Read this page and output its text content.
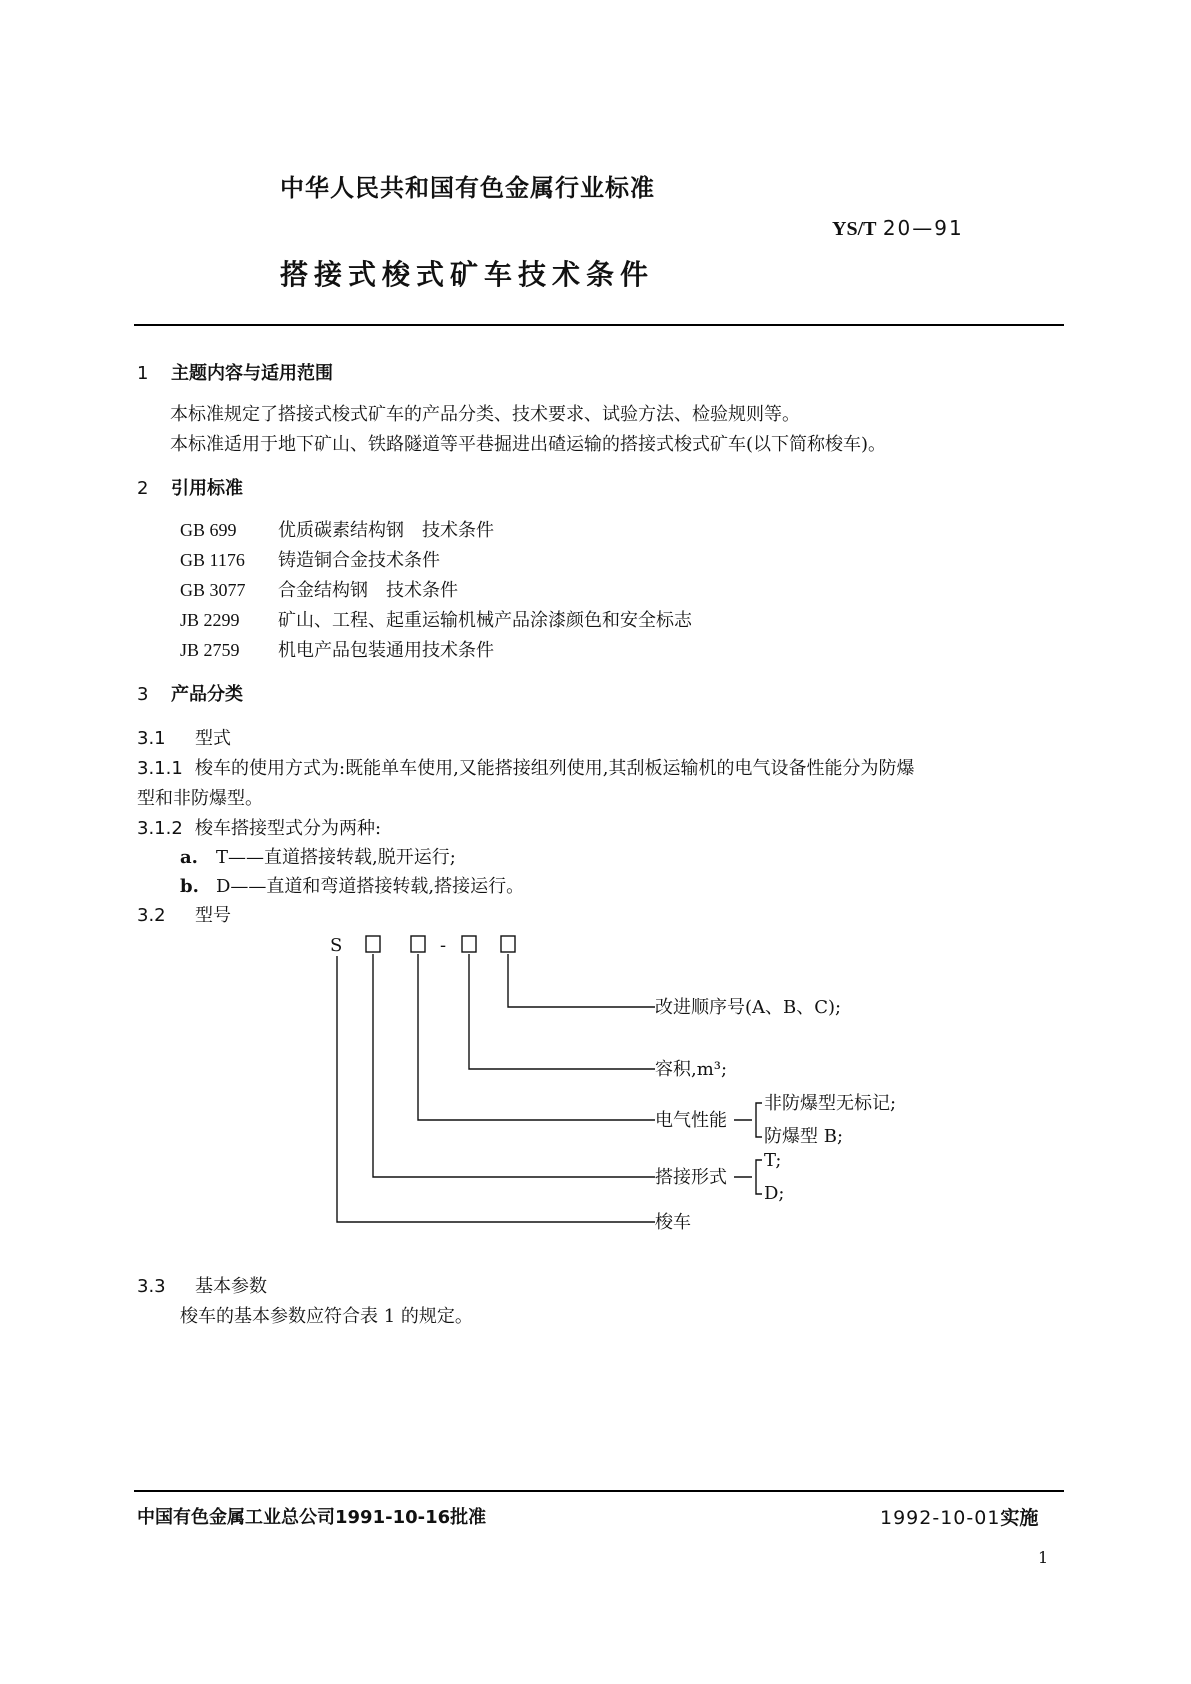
中华人民共和国有色金属行业标准
YS/T 20—91
搭接式梭式矿车技术条件
1 主题内容与适用范围
本标准规定了搭接式梭式矿车的产品分类、技术要求、试验方法、检验规则等。
本标准适用于地下矿山、铁路隧道等平巷掘进出碴运输的搭接式梭式矿车(以下简称梭车)。
2 引用标准
GB 699 优质碳素结构钢　技术条件
GB 1176 铸造铜合金技术条件
GB 3077 合金结构钢　技术条件
JB 2299 矿山、工程、起重运输机械产品涂漆颜色和安全标志
JB 2759 机电产品包装通用技术条件
3 产品分类
3.1 型式
3.1.1 梭车的使用方式为:既能单车使用,又能搭接组列使用,其刮板运输机的电气设备性能分为防爆
型和非防爆型。
3.1.2 梭车搭接型式分为两种:
a. T——直道搭接转载,脱开运行;
b. D——直道和弯道搭接转载,搭接运行。
3.2 型号
S	-
改进顺序号(A、B、C);
容积,m³;
电气性能
非防爆型无标记;
防爆型 B;
搭接形式
T;
D;
梭车
3.3 基本参数
梭车的基本参数应符合表 1 的规定。
中国有色金属工业总公司1991-10-16批准	1992-10-01实施
1
